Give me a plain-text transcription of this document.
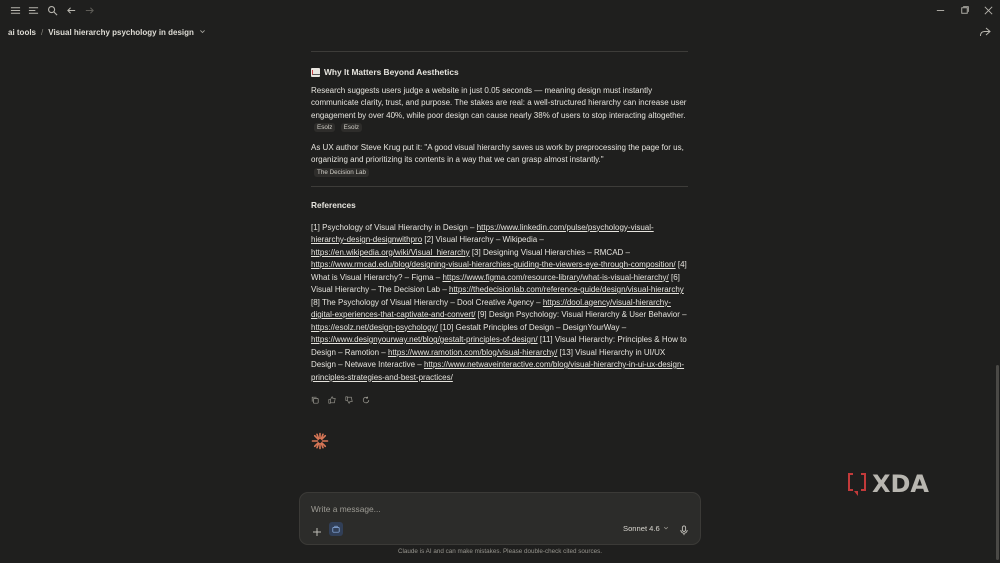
ai tools / Visual hierarchy psychology in design
Why It Matters Beyond Aesthetics

Research suggests users judge a website in just 0.05 seconds — meaning design must instantly communicate clarity, trust, and purpose. The stakes are real: a well-structured hierarchy can increase user engagement by over 40%, while poor design can cause nearly 38% of users to stop interacting altogether. Esolz Esolz

As UX author Steve Krug put it: "A good visual hierarchy saves us work by preprocessing the page for us, organizing and prioritizing its contents in a way that we can grasp almost instantly."
The Decision Lab

References

[1] Psychology of Visual Hierarchy in Design – https://www.linkedin.com/pulse/psychology-visual-hierarchy-design-designwithpro [2] Visual Hierarchy – Wikipedia – https://en.wikipedia.org/wiki/Visual_hierarchy [3] Designing Visual Hierarchies – RMCAD – https://www.rmcad.edu/blog/designing-visual-hierarchies-guiding-the-viewers-eye-through-composition/ [4] What is Visual Hierarchy? – Figma – https://www.figma.com/resource-library/what-is-visual-hierarchy/ [6] Visual Hierarchy – The Decision Lab – https://thedecisionlab.com/reference-guide/design/visual-hierarchy [8] The Psychology of Visual Hierarchy – Dool Creative Agency – https://dool.agency/visual-hierarchy-digital-experiences-that-captivate-and-convert/ [9] Design Psychology: Visual Hierarchy & User Behavior – https://esolz.net/design-psychology/ [10] Gestalt Principles of Design – DesignYourWay – https://www.designyourway.net/blog/gestalt-principles-of-design/ [11] Visual Hierarchy: Principles & How to Design – Ramotion – https://www.ramotion.com/blog/visual-hierarchy/ [13] Visual Hierarchy in UI/UX Design – Netwave Interactive – https://www.netwaveinteractive.com/blog/visual-hierarchy-in-ui-ux-design-principles-strategies-and-best-practices/

XDA
Write a message...
Sonnet 4.6
Claude is AI and can make mistakes. Please double-check cited sources.
